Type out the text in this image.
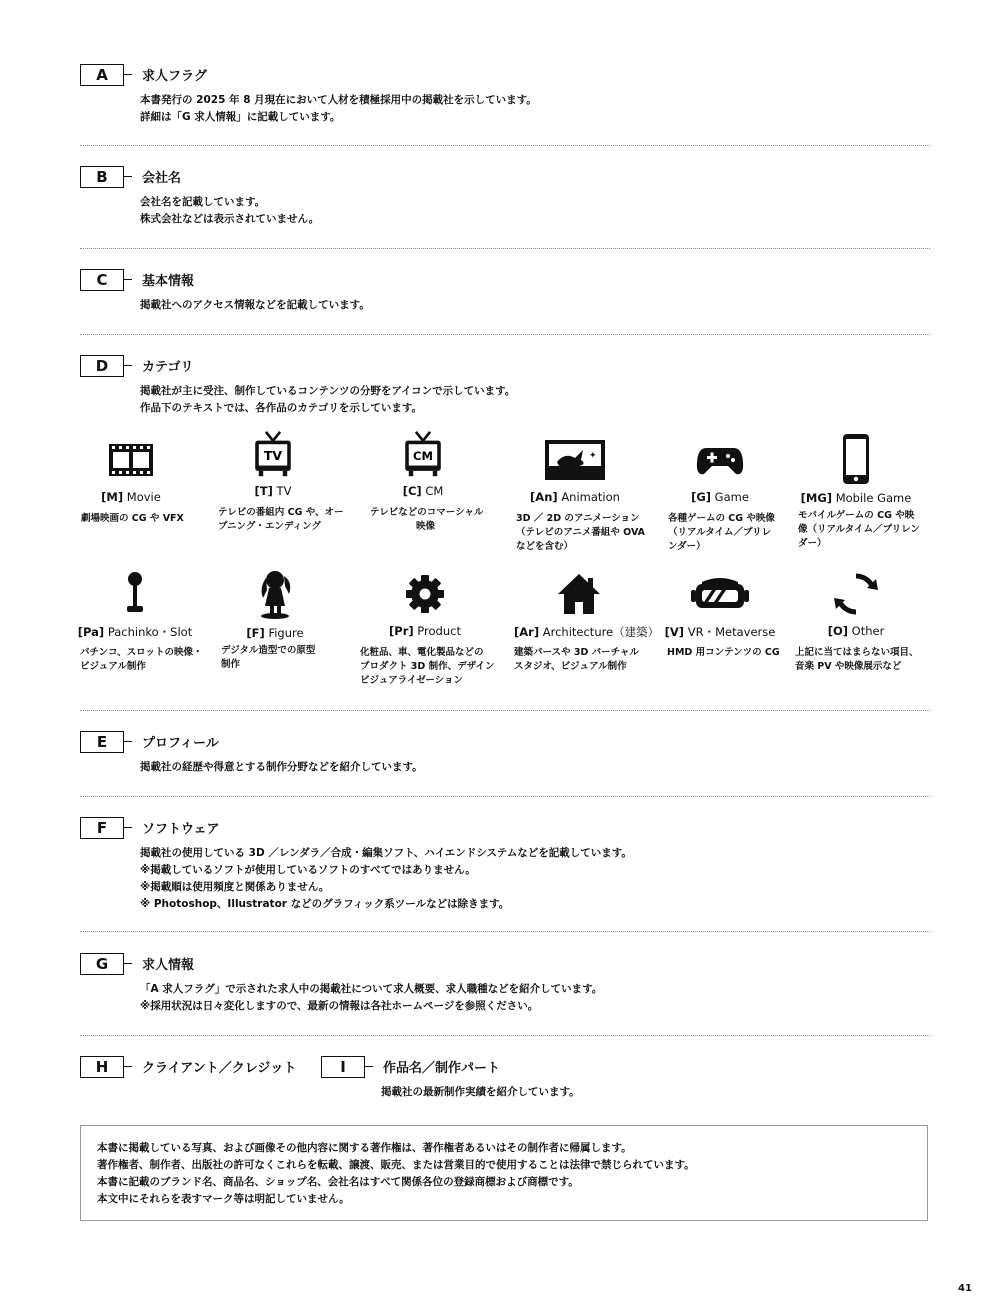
A	求人フラグ
本書発行の 2025 年 8 月現在において人材を積極採用中の掲載社を示しています。
詳細は「G 求人情報」に記載しています。
B	会社名
会社名を記載しています。
株式会社などは表示されていません。
C	基本情報
掲載社へのアクセス情報などを記載しています。
D	カテゴリ
掲載社が主に受注、制作しているコンテンツの分野をアイコンで示しています。
作品下のテキストでは、各作品のカテゴリを示しています。
[M] Movie
劇場映画の CG や VFX
TV
[T] TV
テレビの番組内 CG や、オー
プニング・エンディング
CM
[C] CM
テレビなどのコマーシャル
映像
✦
[An] Animation
3D ／ 2D のアニメーション
（テレビのアニメ番組や OVA
などを含む）
[G] Game
各種ゲームの CG や映像
（リアルタイム／プリレ
ンダー）
[MG] Mobile Game
モバイルゲームの CG や映
像（リアルタイム／プリレン
ダー）
[Pa] Pachinko・Slot
パチンコ、スロットの映像・
ビジュアル制作
[F] Figure
デジタル造型での原型
制作
[Pr] Product
化粧品、車、電化製品などの
プロダクト 3D 制作、デザイン
ビジュアライゼーション
[Ar] Architecture（建築）
建築パースや 3D バーチャル
スタジオ、ビジュアル制作
[V] VR・Metaverse
HMD 用コンテンツの CG
[O] Other
上記に当てはまらない項目、
音楽 PV や映像展示など
E	プロフィール
掲載社の経歴や得意とする制作分野などを紹介しています。
F	ソフトウェア
掲載社の使用している 3D ／レンダラ／合成・編集ソフト、ハイエンドシステムなどを記載しています。
※掲載しているソフトが使用しているソフトのすべてではありません。
※掲載順は使用頻度と関係ありません。
※ Photoshop、Illustrator などのグラフィック系ツールなどは除きます。
G	求人情報
「A 求人フラグ」で示された求人中の掲載社について求人概要、求人職種などを紹介しています。
※採用状況は日々変化しますので、最新の情報は各社ホームページを参照ください。
H	クライアント／クレジット	I	作品名／制作パート
掲載社の最新制作実績を紹介しています。
本書に掲載している写真、および画像その他内容に関する著作権は、著作権者あるいはその制作者に帰属します。
著作権者、制作者、出版社の許可なくこれらを転載、譲渡、販売、または営業目的で使用することは法律で禁じられています。
本書に記載のブランド名、商品名、ショップ名、会社名はすべて関係各位の登録商標および商標です。
本文中にそれらを表すマーク等は明記していません。
41
